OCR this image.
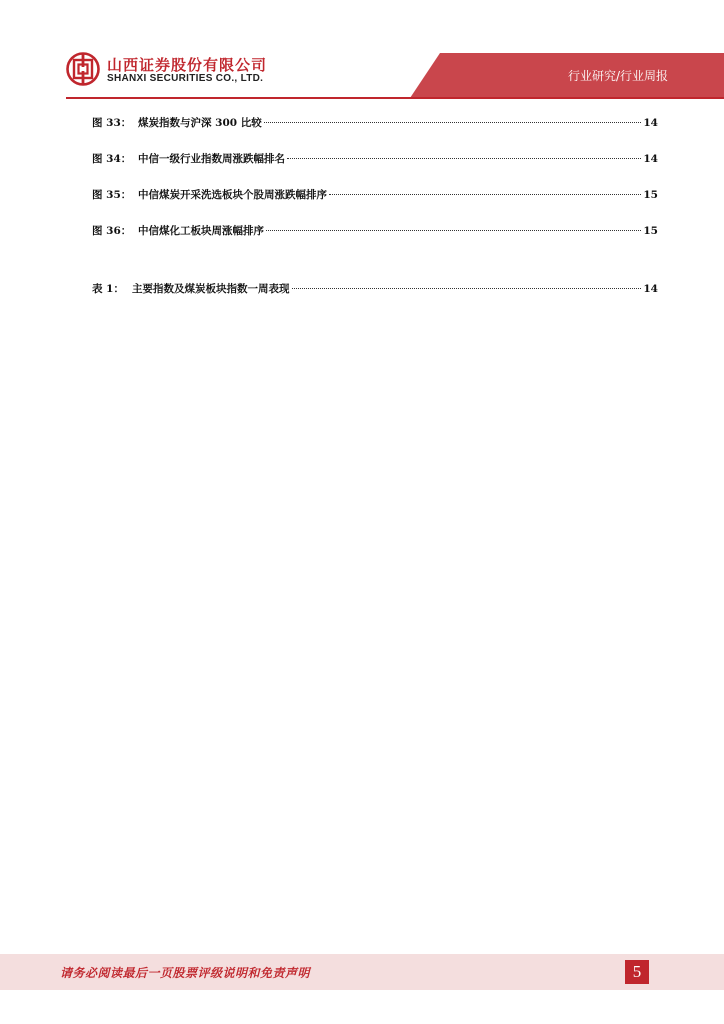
山西证券股份有限公司
SHANXI SECURITIES CO., LTD.	行业研究/行业周报
图 33： 煤炭指数与沪深 300 比较	14
图 34： 中信一级行业指数周涨跌幅排名	14
图 35： 中信煤炭开采洗选板块个股周涨跌幅排序	15
图 36： 中信煤化工板块周涨幅排序	15
表 1： 主要指数及煤炭板块指数一周表现	14
请务必阅读最后一页股票评级说明和免责声明	5
